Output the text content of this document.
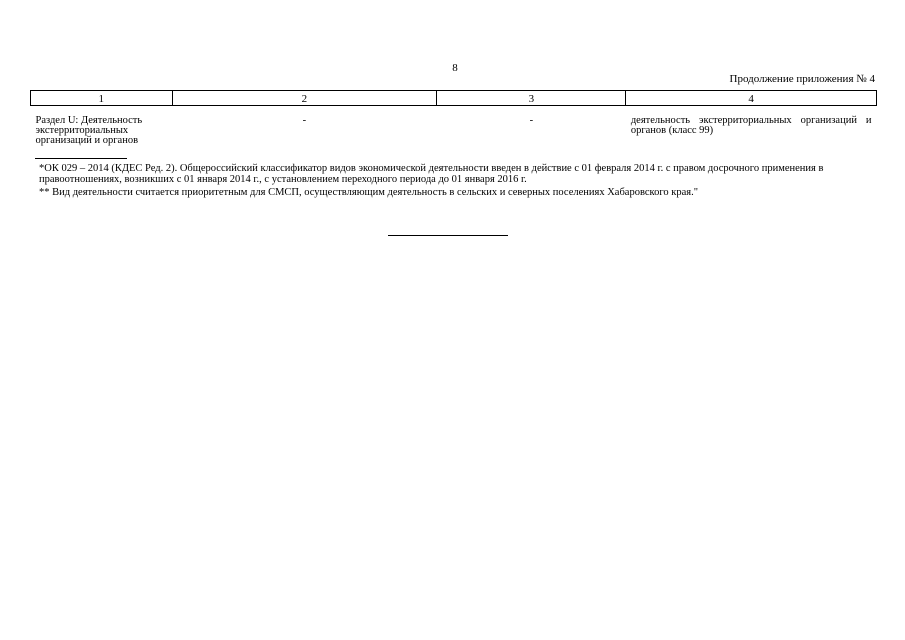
8
Продолжение приложения № 4
1	2	3	4
Раздел U: Деятельность экстерриториальных организаций и органов	-	-	деятельность экстерриториальных организаций и органов (класс 99)

*ОК 029 – 2014 (КДЕС Ред. 2). Общероссийский классификатор видов экономической деятельности введен в действие с 01 февраля 2014 г. с правом досрочного применения в правоотношениях, возникших с 01 января 2014 г., с установлением переходного периода до 01 января 2016 г.

** Вид деятельности считается приоритетным для СМСП, осуществляющим деятельность в сельских и северных поселениях Хабаровского края."
